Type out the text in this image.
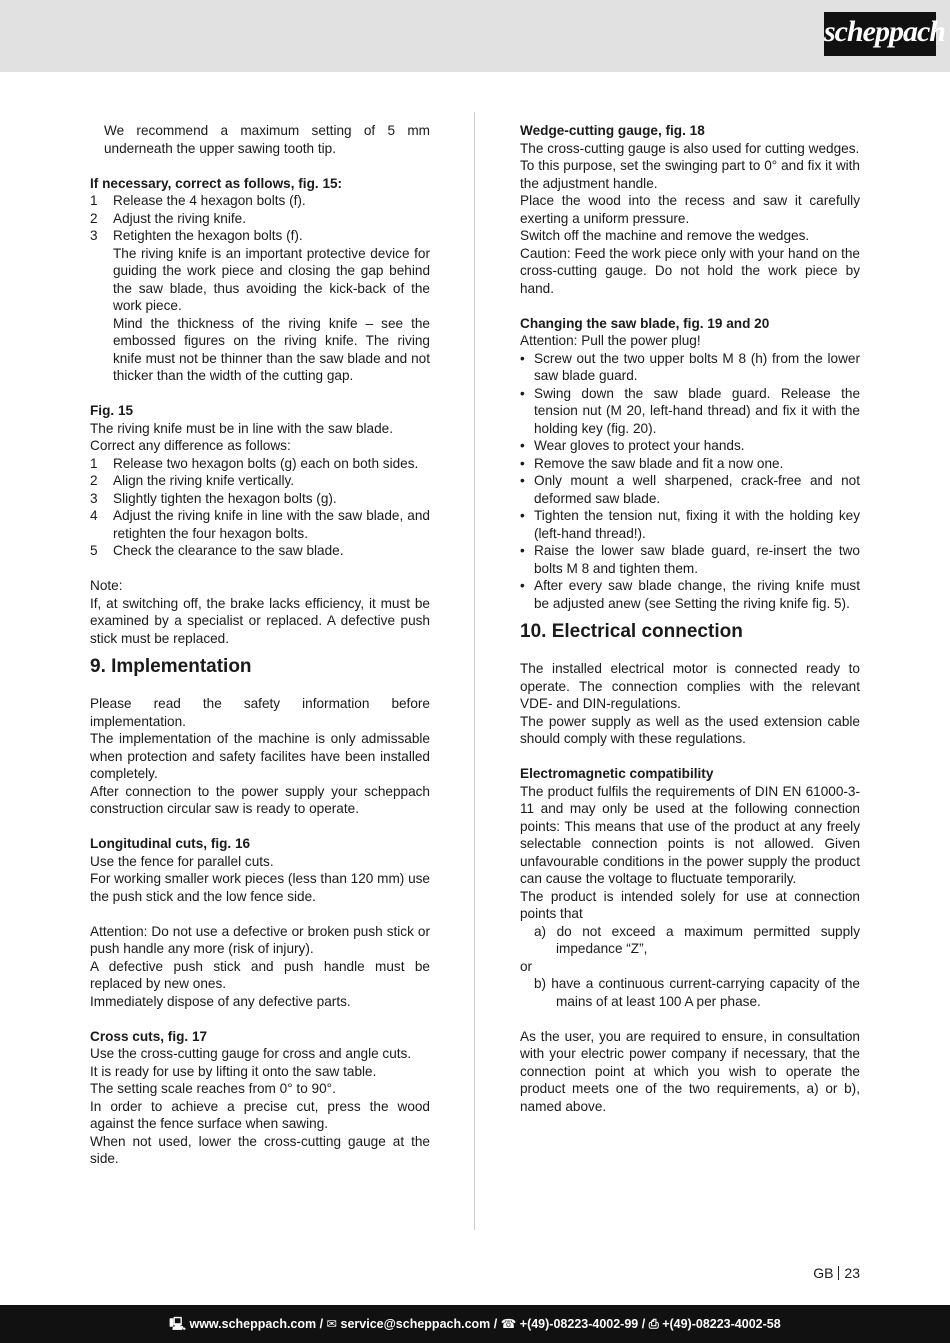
scheppach

We recommend a maximum setting of 5 mm underneath the upper sawing tooth tip.

If necessary, correct as follows, fig. 15:

1	Release the 4 hexagon bolts (f).
2	Adjust the riving knife.
3	Retighten the hexagon bolts (f).

The riving knife is an important protective device for guiding the work piece and closing the gap behind the saw blade, thus avoiding the kick-back of the work piece.

Mind the thickness of the riving knife – see the embossed figures on the riving knife. The riving knife must not be thinner than the saw blade and not thicker than the width of the cutting gap.

Fig. 15

The riving knife must be in line with the saw blade.

Correct any difference as follows:

1	Release two hexagon bolts (g) each on both sides.
2	Align the riving knife vertically.
3	Slightly tighten the hexagon bolts (g).
4	Adjust the riving knife in line with the saw blade, and retighten the four hexagon bolts.
5	Check the clearance to the saw blade.

Note:

If, at switching off, the brake lacks efficiency, it must be examined by a specialist or replaced. A defective push stick must be replaced.

9. Implementation

Please read the safety information before implementation.

The implementation of the machine is only admissable when protection and safety facilites have been installed completely.

After connection to the power supply your scheppach construction circular saw is ready to operate.

Longitudinal cuts, fig. 16

Use the fence for parallel cuts.

For working smaller work pieces (less than 120 mm) use the push stick and the low fence side.

Attention: Do not use a defective or broken push stick or push handle any more (risk of injury).

A defective push stick and push handle must be replaced by new ones.

Immediately dispose of any defective parts.

Cross cuts, fig. 17

Use the cross-cutting gauge for cross and angle cuts.

It is ready for use by lifting it onto the saw table.

The setting scale reaches from 0° to 90°.

In order to achieve a precise cut, press the wood against the fence surface when sawing.

When not used, lower the cross-cutting gauge at the side.

Wedge-cutting gauge, fig. 18

The cross-cutting gauge is also used for cutting wedges.

To this purpose, set the swinging part to 0° and fix it with the adjustment handle.

Place the wood into the recess and saw it carefully exerting a uniform pressure.

Switch off the machine and remove the wedges.

Caution: Feed the work piece only with your hand on the cross-cutting gauge. Do not hold the work piece by hand.

Changing the saw blade, fig. 19 and 20

Attention: Pull the power plug!

• Screw out the two upper bolts M 8 (h) from the lower saw blade guard.
• Swing down the saw blade guard. Release the tension nut (M 20, left-hand thread) and fix it with the holding key (fig. 20).
• Wear gloves to protect your hands.
• Remove the saw blade and fit a now one.
• Only mount a well sharpened, crack-free and not deformed saw blade.
• Tighten the tension nut, fixing it with the holding key (left-hand thread!).
• Raise the lower saw blade guard, re-insert the two bolts M 8 and tighten them.
• After every saw blade change, the riving knife must be adjusted anew (see Setting the riving knife fig. 5).
10. Electrical connection

The installed electrical motor is connected ready to operate. The connection complies with the relevant VDE- and DIN-regulations.

The power supply as well as the used extension cable should comply with these regulations.

Electromagnetic compatibility

The product fulfils the requirements of DIN EN 61000-3-11 and may only be used at the following connection points: This means that use of the product at any freely selectable connection points is not allowed. Given unfavourable conditions in the power supply the product can cause the voltage to fluctuate temporarily.

The product is intended solely for use at connection points that

a) do not exceed a maximum permitted supply impedance “Z”,

or

b) have a continuous current-carrying capacity of the mains of at least 100 A per phase.

As the user, you are required to ensure, in consultation with your electric power company if necessary, that the connection point at which you wish to operate the product meets one of the two requirements, a) or b), named above.

GB 23
🖳 www.scheppach.com / ✉ service@scheppach.com / ☎ +(49)-08223-4002-99 / ⎙ +(49)-08223-4002-58
